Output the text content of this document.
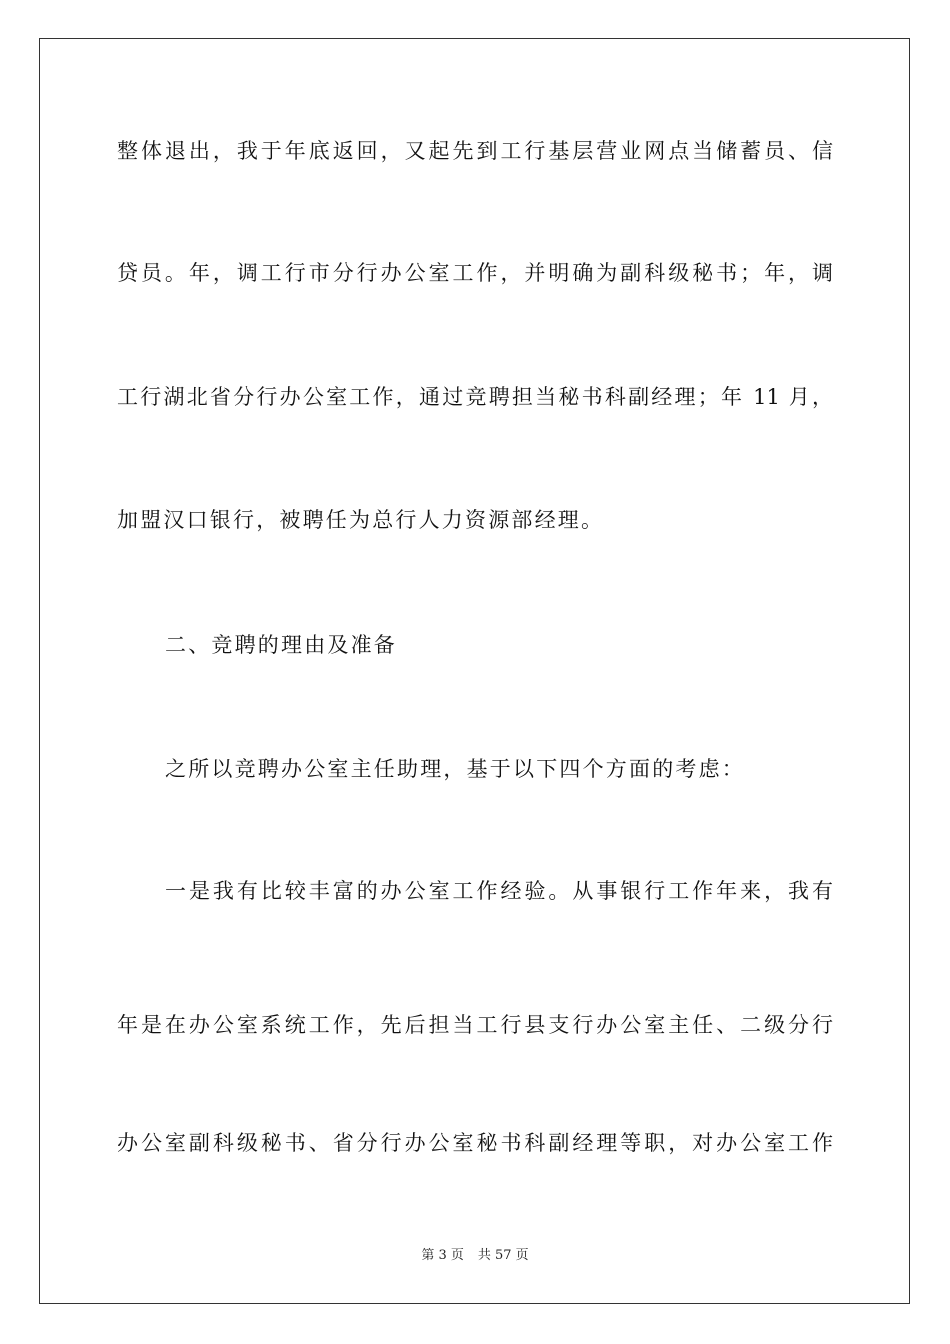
整体退出，我于年底返回，又起先到工行基层营业网点当储蓄员、信
贷员。年，调工行市分行办公室工作，并明确为副科级秘书；年，调
工行湖北省分行办公室工作，通过竞聘担当秘书科副经理；年 11 月，
加盟汉口银行，被聘任为总行人力资源部经理。
二、竞聘的理由及准备
之所以竞聘办公室主任助理，基于以下四个方面的考虑：
一是我有比较丰富的办公室工作经验。从事银行工作年来，我有
年是在办公室系统工作，先后担当工行县支行办公室主任、二级分行
办公室副科级秘书、省分行办公室秘书科副经理等职，对办公室工作
第 3 页 共 57 页
